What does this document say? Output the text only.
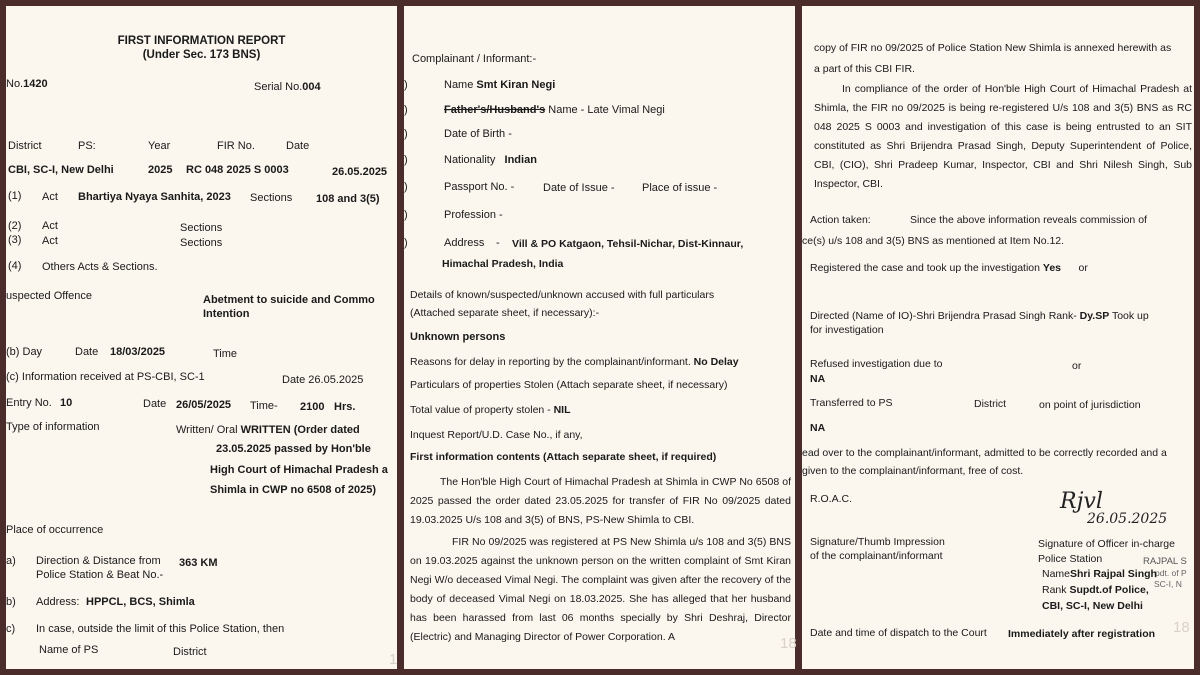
FIRST INFORMATION REPORT
(Under Sec. 173 BNS)
No.1420	Serial No.004
District	PS:	Year	FIR No.	Date
CBI, SC-I, New Delhi	2025 RC 048 2025 S 0003	26.05.2025
(1) Act Bhartiya Nyaya Sanhita, 2023 Sections 108 and 3(5)
(2) Act	Sections
(3) Act	Sections
(4) Others Acts & Sections.
uspected Offence	Abetment to suicide and Commo
Intention
(b) Day	Date 18/03/2025	Time
(c) Information received at PS-CBI, SC-1	Date 26.05.2025
Entry No. 10	Date 26/05/2025 Time- 2100 Hrs.
Type of information	Written/ Oral WRITTEN (Order dated
23.05.2025 passed by Hon'ble
High Court of Himachal Pradesh a
Shimla in CWP no 6508 of 2025)
Place of occurrence
a) Direction & Distance from
Police Station & Beat No.-
363 KM
b) Address: HPPCL, BCS, Shimla
c) In case, outside the limit of this Police Station, then
Name of PS	District	1
Complainant / Informant:-
)	Name Smt Kiran Negi
)	Father's/Husband's Name - Late Vimal Negi
)	Date of Birth -
)	Nationality Indian
)	Passport No. -	Date of Issue - Place of issue -
)	Profession -
)	Address - Vill & PO Katgaon, Tehsil-Nichar, Dist-Kinnaur,
Himachal Pradesh, India
Details of known/suspected/unknown accused with full particulars
(Attached separate sheet, if necessary):-
Unknown persons
Reasons for delay in reporting by the complainant/informant. No Delay
Particulars of properties Stolen (Attach separate sheet, if necessary)
Total value of property stolen - NIL
Inquest Report/U.D. Case No., if any,
First information contents (Attach separate sheet, if required)
The Hon'ble High Court of Himachal Pradesh at Shimla in CWP No 6508 of 2025 passed the order dated 23.05.2025 for transfer of FIR No 09/2025 dated 19.03.2025 U/s 108 and 3(5) of BNS, PS-New Shimla to CBI.
FIR No 09/2025 was registered at PS New Shimla u/s 108 and 3(5) BNS on 19.03.2025 against the unknown person on the written complaint of Smt Kiran Negi W/o deceased Vimal Negi. The complaint was given after the recovery of the body of deceased Vimal Negi on 18.03.2025. She has alleged that her husband has been harassed from last 06 months specially by Shri Deshraj, Director (Electric) and Managing Director of Power Corporation. A	18
copy of FIR no 09/2025 of Police Station New Shimla is annexed herewith as
a part of this CBI FIR.
In compliance of the order of Hon'ble High Court of Himachal Pradesh at Shimla, the FIR no 09/2025 is being re-registered U/s 108 and 3(5) BNS as RC 048 2025 S 0003 and investigation of this case is being entrusted to an SIT constituted as Shri Brijendra Prasad Singh, Deputy Superintendent of Police, CBI, (CIO), Shri Pradeep Kumar, Inspector, CBI and Shri Nilesh Singh, Sub Inspector, CBI.
Action taken:	Since the above information reveals commission of
ce(s) u/s 108 and 3(5) BNS as mentioned at Item No.12.
Registered the case and took up the investigation Yes or
Directed (Name of IO)-Shri Brijendra Prasad Singh Rank- Dy.SP Took up
for investigation
Refused investigation due to	or
NA
Transferred to PS	District	on point of jurisdiction
NA
ead over to the complainant/informant, admitted to be correctly recorded and a
given to the complainant/informant, free of cost.
R.O.A.C.	Rjvl
26.05.2025
Signature/Thumb Impression
of the complainant/informant
Signature of Officer in-charge
Police Station	RAJPAL S
pdt. of P
SC-I, N
NameShri Rajpal Singh
Rank Supdt.of Police,
CBI, SC-I, New Delhi
Date and time of dispatch to the Court Immediately after registration 18
